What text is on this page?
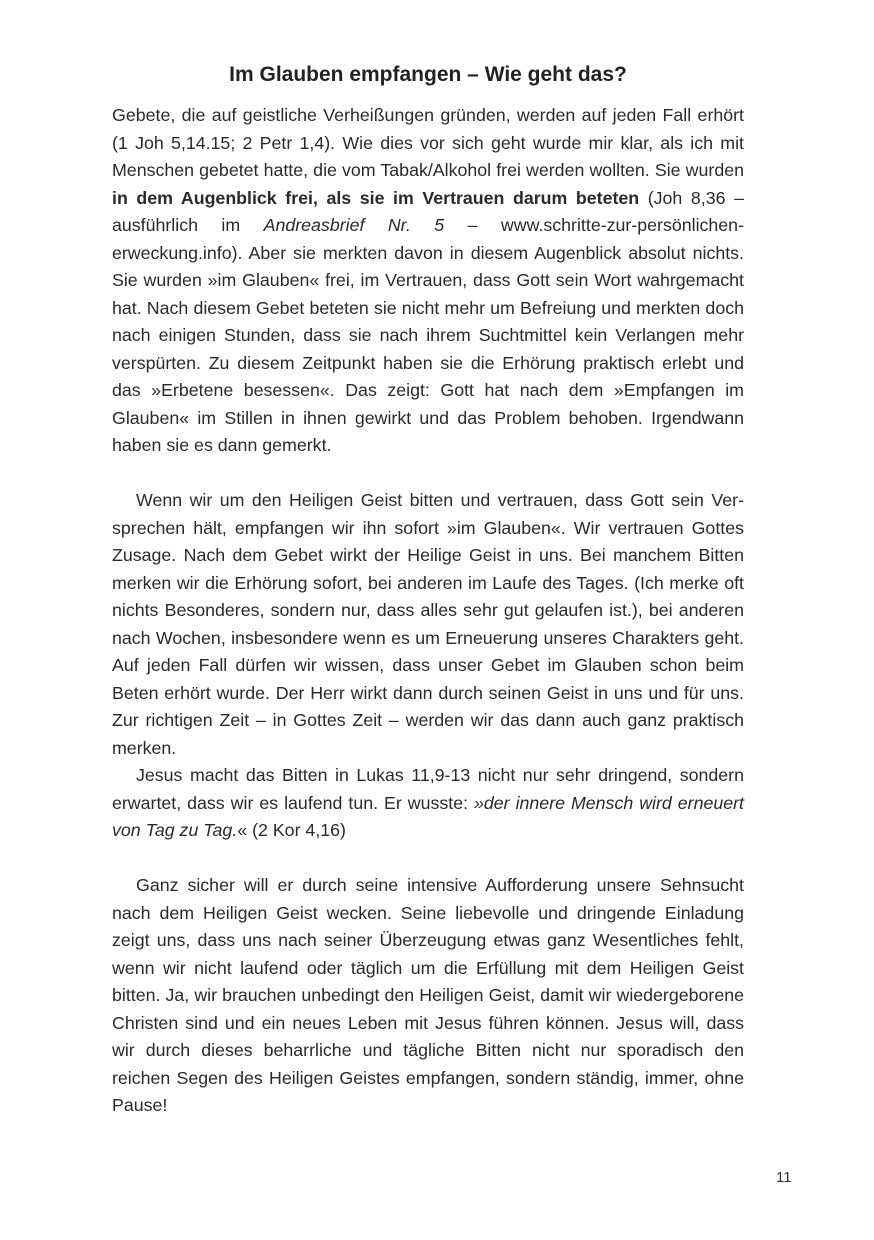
Im Glauben empfangen – Wie geht das?

Gebete, die auf geistliche Verheißungen gründen, werden auf jeden Fall erhört (1 Joh 5,14.15; 2 Petr 1,4). Wie dies vor sich geht wurde mir klar, als ich mit Menschen gebetet hatte, die vom Tabak/Alkohol frei werden wollten. Sie wurden in dem Augenblick frei, als sie im Vertrauen darum beteten (Joh 8,36 – ausführlich im Andreasbrief Nr. 5 – www.schritte-zur-persönlichen-erweckung.info). Aber sie merkten davon in diesem Augenblick absolut nichts. Sie wurden »im Glauben« frei, im Vertrauen, dass Gott sein Wort wahrgemacht hat. Nach diesem Gebet beteten sie nicht mehr um Befreiung und merkten doch nach einigen Stunden, dass sie nach ihrem Suchtmittel kein Verlangen mehr verspürten. Zu diesem Zeitpunkt haben sie die Erhörung praktisch erlebt und das »Erbetene besessen«. Das zeigt: Gott hat nach dem »Empfangen im Glauben« im Stillen in ihnen gewirkt und das Problem behoben. Irgendwann haben sie es dann gemerkt.

Wenn wir um den Heiligen Geist bitten und vertrauen, dass Gott sein Versprechen hält, empfangen wir ihn sofort »im Glauben«. Wir vertrauen Gottes Zusage. Nach dem Gebet wirkt der Heilige Geist in uns. Bei manchem Bitten merken wir die Erhörung sofort, bei anderen im Laufe des Tages. (Ich merke oft nichts Besonderes, sondern nur, dass alles sehr gut gelaufen ist.), bei anderen nach Wochen, insbesondere wenn es um Erneuerung unseres Charakters geht. Auf jeden Fall dürfen wir wissen, dass unser Gebet im Glauben schon beim Beten erhört wurde. Der Herr wirkt dann durch seinen Geist in uns und für uns. Zur richtigen Zeit – in Gottes Zeit – werden wir das dann auch ganz praktisch merken.

Jesus macht das Bitten in Lukas 11,9-13 nicht nur sehr dringend, sondern erwartet, dass wir es laufend tun. Er wusste: »der innere Mensch wird erneuert von Tag zu Tag.« (2 Kor 4,16)

Ganz sicher will er durch seine intensive Aufforderung unsere Sehnsucht nach dem Heiligen Geist wecken. Seine liebevolle und dringende Einladung zeigt uns, dass uns nach seiner Überzeugung etwas ganz Wesentliches fehlt, wenn wir nicht laufend oder täglich um die Erfüllung mit dem Heiligen Geist bitten. Ja, wir brauchen unbedingt den Heiligen Geist, damit wir wiedergeborene Christen sind und ein neues Leben mit Jesus führen können. Jesus will, dass wir durch dieses beharrliche und tägliche Bitten nicht nur sporadisch den reichen Segen des Heiligen Geistes empfangen, sondern ständig, immer, ohne Pause!

11
